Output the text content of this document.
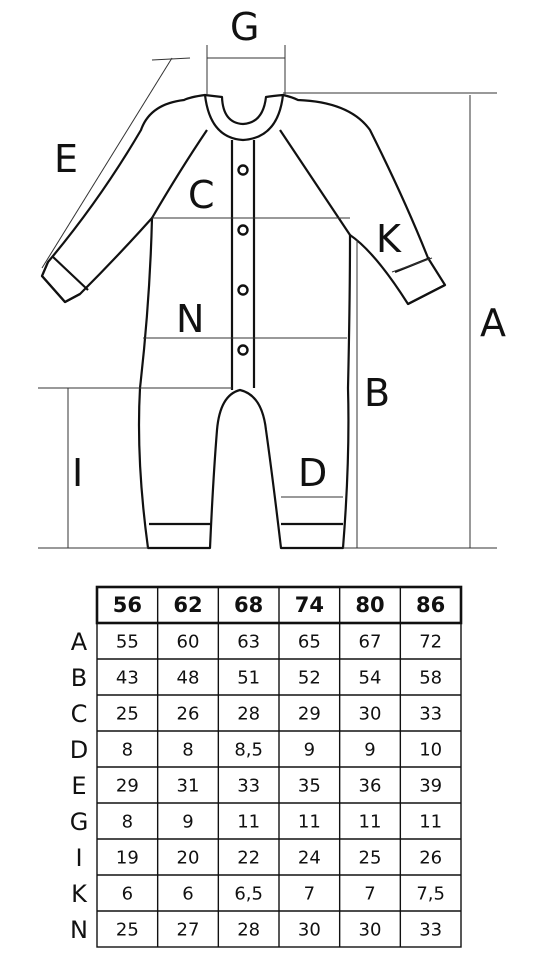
G
E
C
K
A
N
B
I	D
56 62 68 74 80 86
A 55 60 63 65 67 72
B 43 48 51 52 54 58
C 25 26 28 29 30 33
D 8	8 8,5 9	9 10
E 29 31 33 35 36 39
G 8	9 11 11 11 11
I 19 20 22 24 25 26
K 6	6 6,5 7	7 7,5
N 25 27 28 30 30 33
